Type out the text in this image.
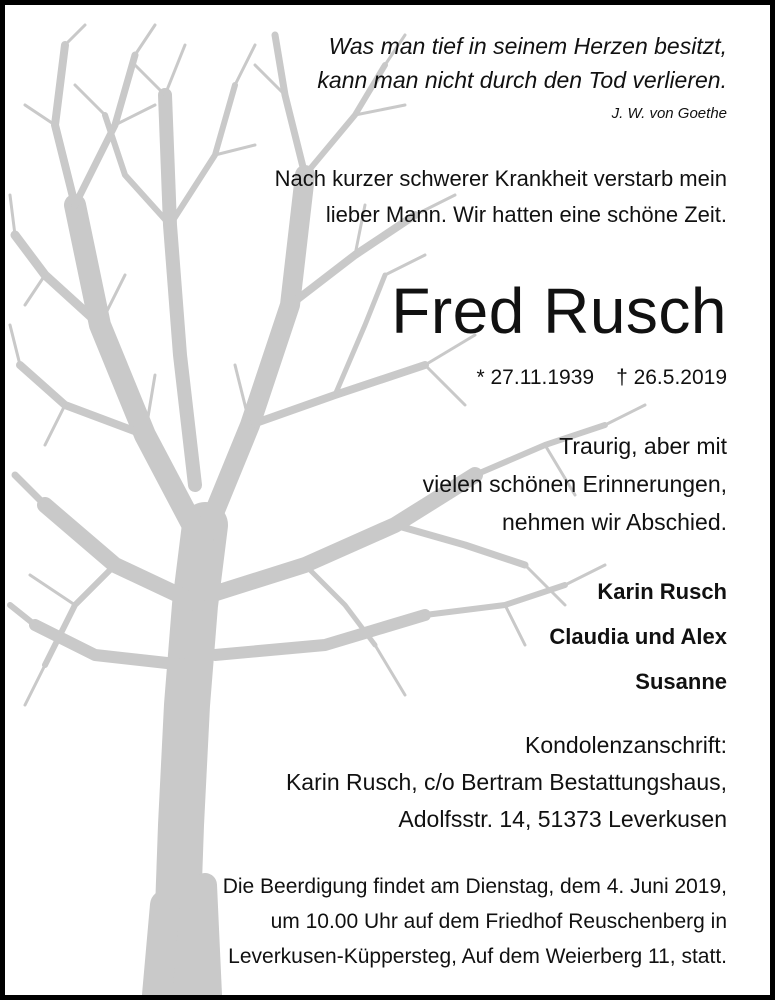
Was man tief in seinem Herzen besitzt,
kann man nicht durch den Tod verlieren.

J. W. von Goethe

Nach kurzer schwerer Krankheit verstarb mein
lieber Mann. Wir hatten eine schöne Zeit.

Fred Rusch

* 27.11.1939 † 26.5.2019

Traurig, aber mit
vielen schönen Erinnerungen,
nehmen wir Abschied.

Karin Rusch
Claudia und Alex
Susanne

Kondolenzanschrift:
Karin Rusch, c/o Bertram Bestattungshaus,
Adolfsstr. 14, 51373 Leverkusen

Die Beerdigung findet am Dienstag, dem 4. Juni 2019,
um 10.00 Uhr auf dem Friedhof Reuschenberg in
Leverkusen-Küppersteg, Auf dem Weierberg 11, statt.
